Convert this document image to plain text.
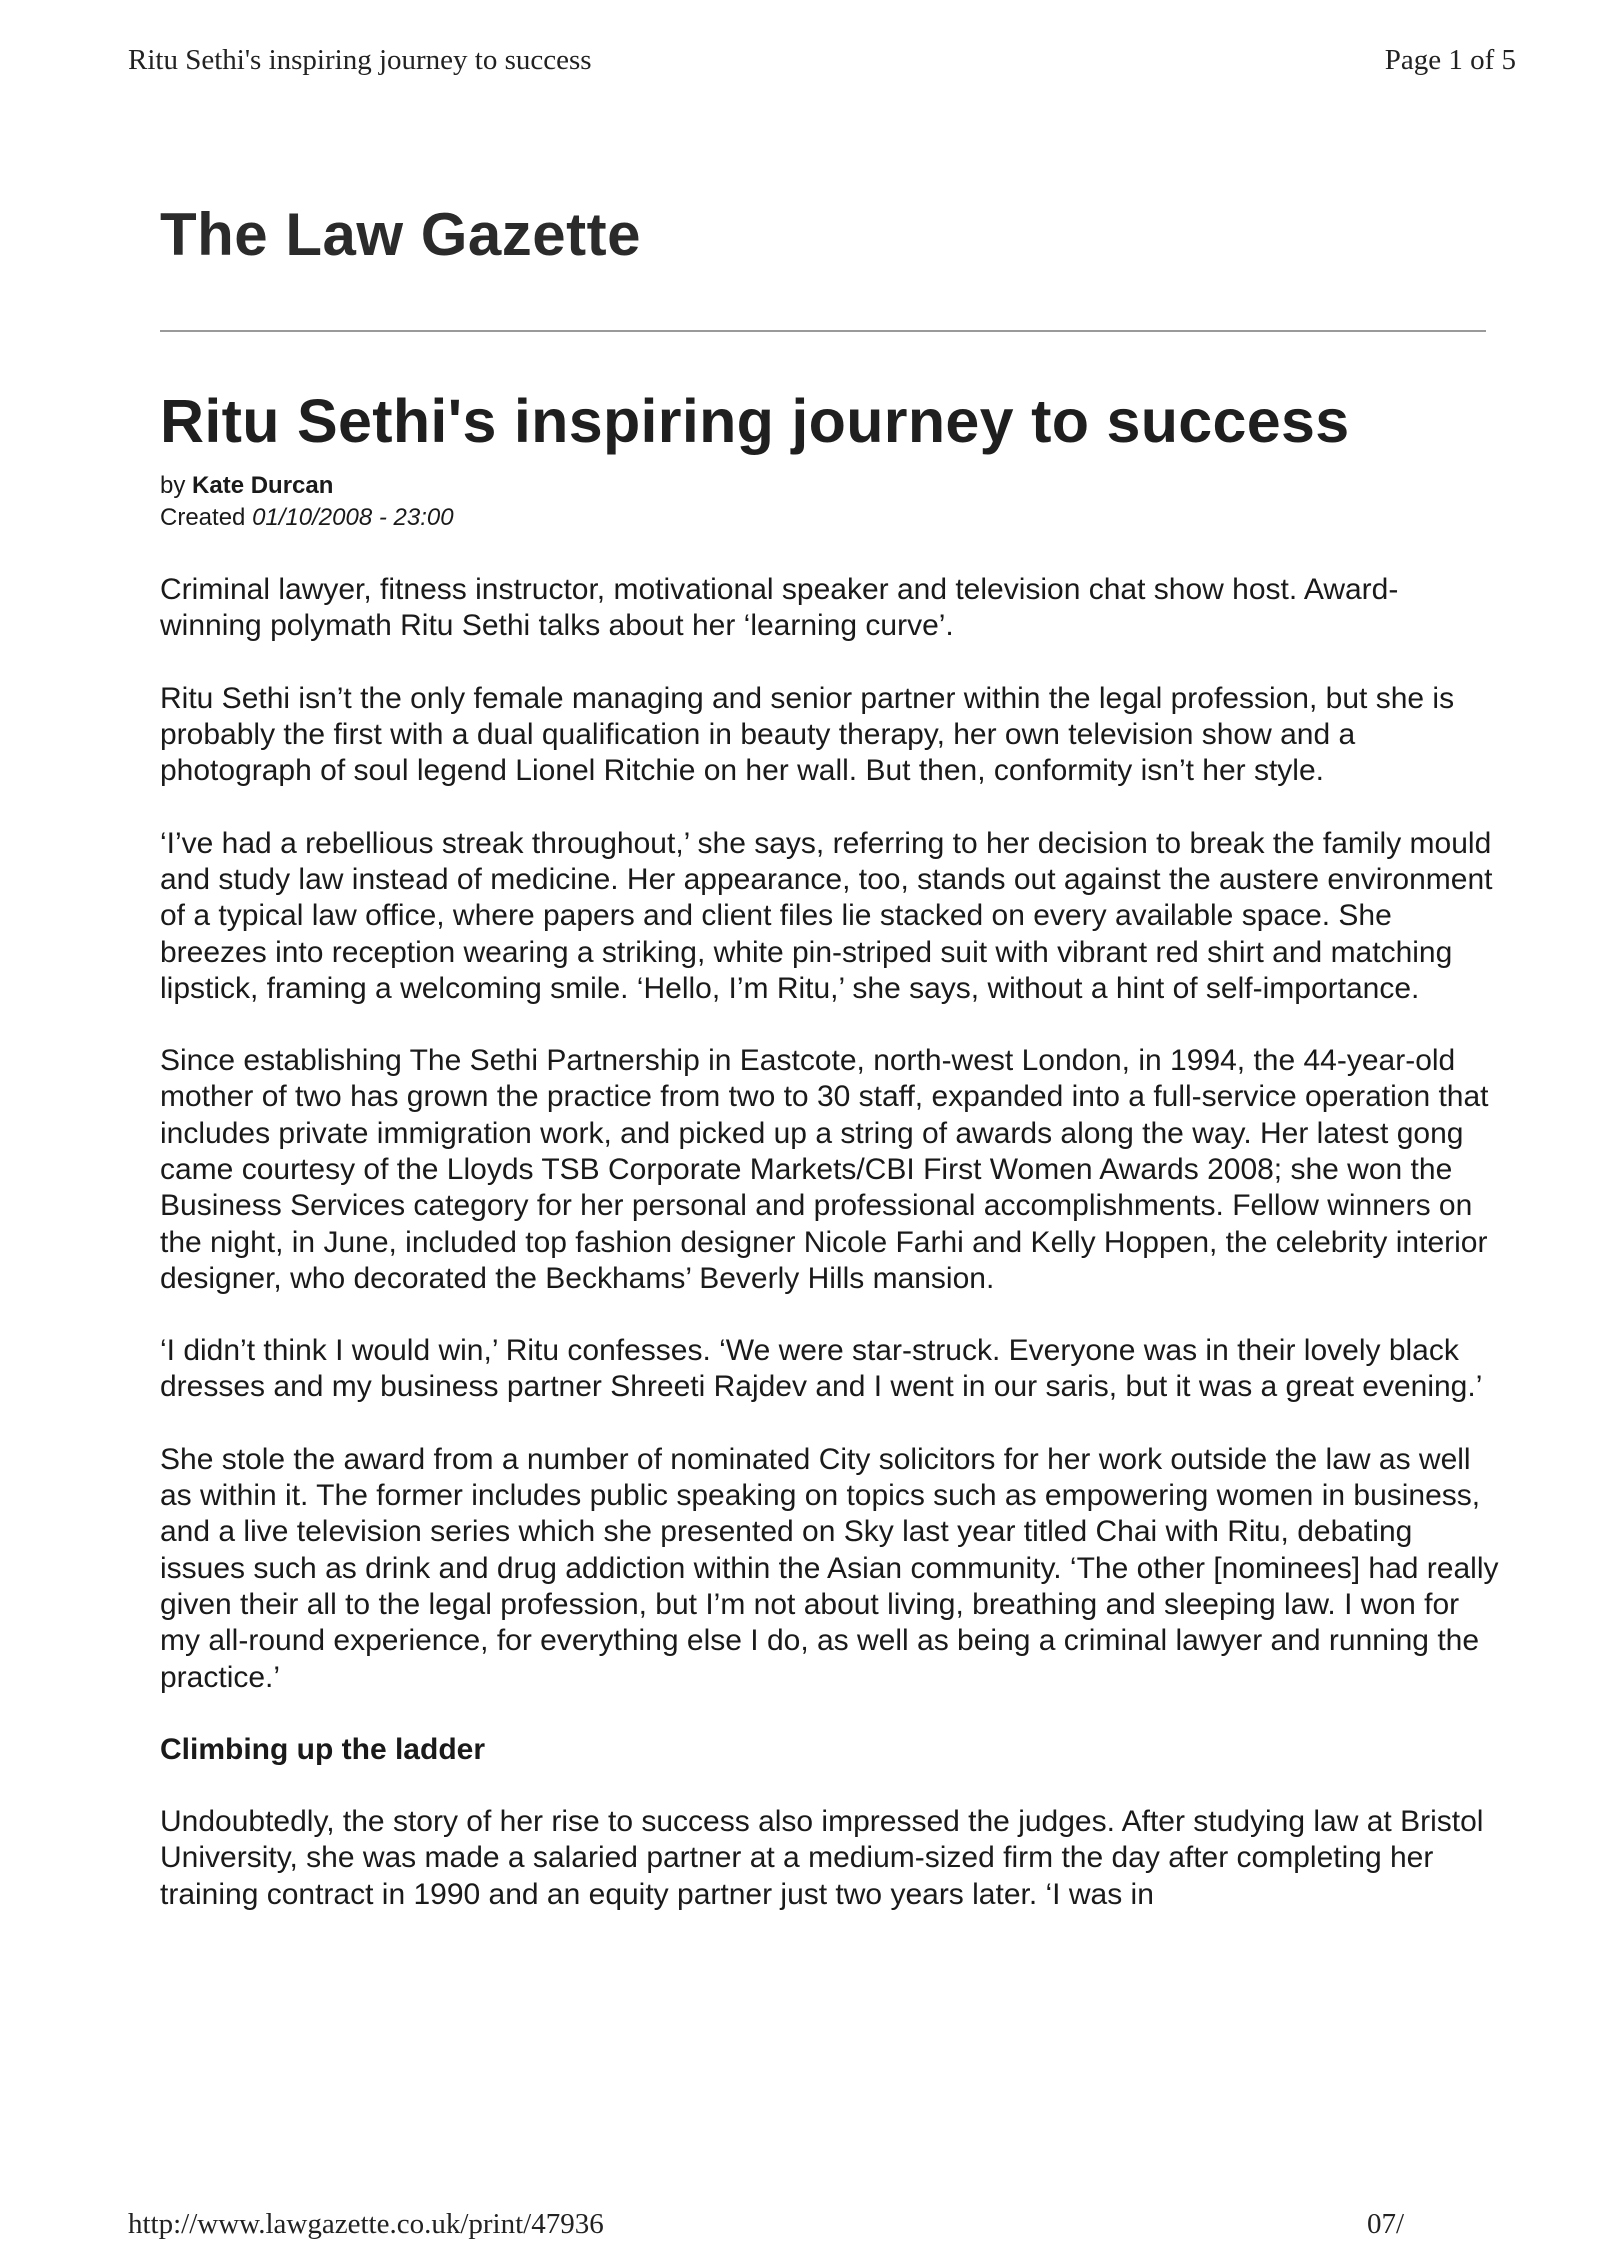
Ritu Sethi's inspiring journey to success	Page 1 of 5
The Law Gazette
Ritu Sethi's inspiring journey to success

by Kate Durcan

Created 01/10/2008 - 23:00

Criminal lawyer, fitness instructor, motivational speaker and television chat show host. Award-winning polymath Ritu Sethi talks about her ‘learning curve’.

Ritu Sethi isn’t the only female managing and senior partner within the legal profession, but she is probably the first with a dual qualification in beauty therapy, her own television show and a photograph of soul legend Lionel Ritchie on her wall. But then, conformity isn’t her style.

‘I’ve had a rebellious streak throughout,’ she says, referring to her decision to break the family mould and study law instead of medicine. Her appearance, too, stands out against the austere environment of a typical law office, where papers and client files lie stacked on every available space. She breezes into reception wearing a striking, white pin-striped suit with vibrant red shirt and matching lipstick, framing a welcoming smile. ‘Hello, I’m Ritu,’ she says, without a hint of self-importance.

Since establishing The Sethi Partnership in Eastcote, north-west London, in 1994, the 44-year-old mother of two has grown the practice from two to 30 staff, expanded into a full-service operation that includes private immigration work, and picked up a string of awards along the way. Her latest gong came courtesy of the Lloyds TSB Corporate Markets/CBI First Women Awards 2008; she won the Business Services category for her personal and professional accomplishments. Fellow winners on the night, in June, included top fashion designer Nicole Farhi and Kelly Hoppen, the celebrity interior designer, who decorated the Beckhams’ Beverly Hills mansion.

‘I didn’t think I would win,’ Ritu confesses. ‘We were star-struck. Everyone was in their lovely black dresses and my business partner Shreeti Rajdev and I went in our saris, but it was a great evening.’

She stole the award from a number of nominated City solicitors for her work outside the law as well as within it. The former includes public speaking on topics such as empowering women in business, and a live television series which she presented on Sky last year titled Chai with Ritu, debating issues such as drink and drug addiction within the Asian community. ‘The other [nominees] had really given their all to the legal profession, but I’m not about living, breathing and sleeping law. I won for my all-round experience, for everything else I do, as well as being a criminal lawyer and running the practice.’

Climbing up the ladder

Undoubtedly, the story of her rise to success also impressed the judges. After studying law at Bristol University, she was made a salaried partner at a medium-sized firm the day after completing her training contract in 1990 and an equity partner just two years later. ‘I was in

http://www.lawgazette.co.uk/print/47936	07/
